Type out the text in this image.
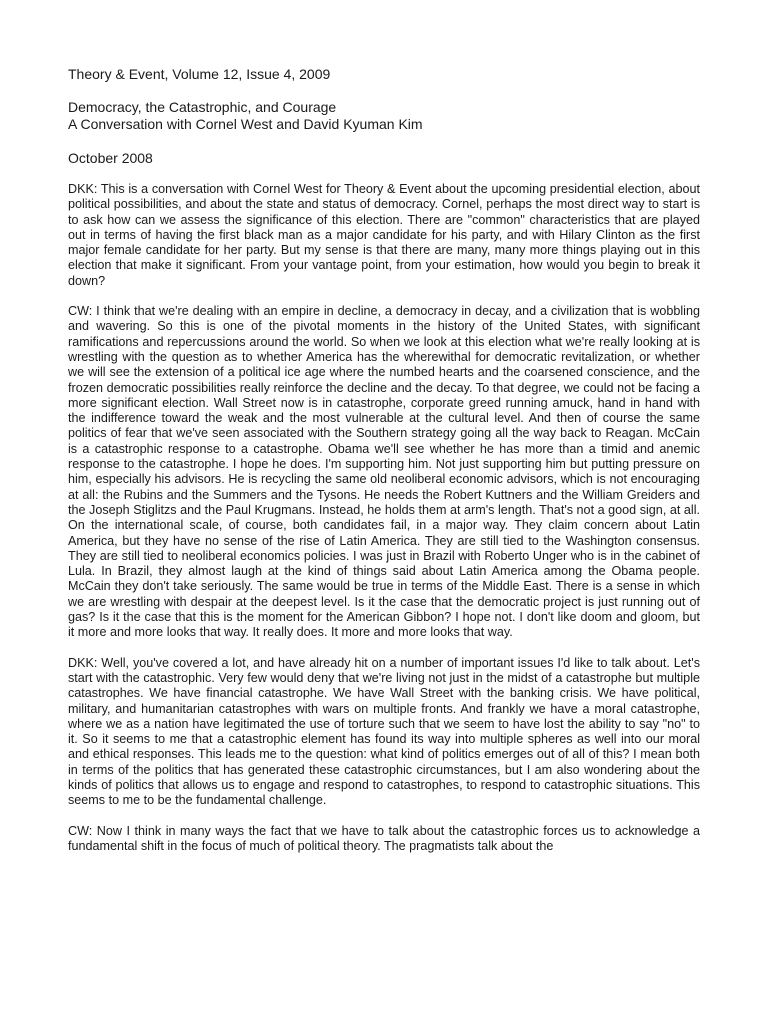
Theory & Event, Volume 12, Issue 4, 2009

Democracy, the Catastrophic, and Courage

A Conversation with Cornel West and David Kyuman Kim

October 2008

DKK: This is a conversation with Cornel West for Theory & Event about the upcoming presidential election, about political possibilities, and about the state and status of democracy. Cornel, perhaps the most direct way to start is to ask how can we assess the significance of this election. There are "common" characteristics that are played out in terms of having the first black man as a major candidate for his party, and with Hilary Clinton as the first major female candidate for her party. But my sense is that there are many, many more things playing out in this election that make it significant. From your vantage point, from your estimation, how would you begin to break it down?

CW: I think that we're dealing with an empire in decline, a democracy in decay, and a civilization that is wobbling and wavering. So this is one of the pivotal moments in the history of the United States, with significant ramifications and repercussions around the world. So when we look at this election what we're really looking at is wrestling with the question as to whether America has the wherewithal for democratic revitalization, or whether we will see the extension of a political ice age where the numbed hearts and the coarsened conscience, and the frozen democratic possibilities really reinforce the decline and the decay. To that degree, we could not be facing a more significant election. Wall Street now is in catastrophe, corporate greed running amuck, hand in hand with the indifference toward the weak and the most vulnerable at the cultural level. And then of course the same politics of fear that we've seen associated with the Southern strategy going all the way back to Reagan. McCain is a catastrophic response to a catastrophe. Obama we'll see whether he has more than a timid and anemic response to the catastrophe. I hope he does. I'm supporting him. Not just supporting him but putting pressure on him, especially his advisors. He is recycling the same old neoliberal economic advisors, which is not encouraging at all: the Rubins and the Summers and the Tysons. He needs the Robert Kuttners and the William Greiders and the Joseph Stiglitzs and the Paul Krugmans. Instead, he holds them at arm's length. That's not a good sign, at all. On the international scale, of course, both candidates fail, in a major way. They claim concern about Latin America, but they have no sense of the rise of Latin America. They are still tied to the Washington consensus. They are still tied to neoliberal economics policies. I was just in Brazil with Roberto Unger who is in the cabinet of Lula. In Brazil, they almost laugh at the kind of things said about Latin America among the Obama people. McCain they don't take seriously. The same would be true in terms of the Middle East. There is a sense in which we are wrestling with despair at the deepest level. Is it the case that the democratic project is just running out of gas? Is it the case that this is the moment for the American Gibbon? I hope not. I don't like doom and gloom, but it more and more looks that way. It really does. It more and more looks that way.

DKK: Well, you've covered a lot, and have already hit on a number of important issues I'd like to talk about. Let's start with the catastrophic. Very few would deny that we're living not just in the midst of a catastrophe but multiple catastrophes. We have financial catastrophe. We have Wall Street with the banking crisis. We have political, military, and humanitarian catastrophes with wars on multiple fronts. And frankly we have a moral catastrophe, where we as a nation have legitimated the use of torture such that we seem to have lost the ability to say "no" to it. So it seems to me that a catastrophic element has found its way into multiple spheres as well into our moral and ethical responses. This leads me to the question: what kind of politics emerges out of all of this? I mean both in terms of the politics that has generated these catastrophic circumstances, but I am also wondering about the kinds of politics that allows us to engage and respond to catastrophes, to respond to catastrophic situations. This seems to me to be the fundamental challenge.

CW: Now I think in many ways the fact that we have to talk about the catastrophic forces us to acknowledge a fundamental shift in the focus of much of political theory. The pragmatists talk about the
